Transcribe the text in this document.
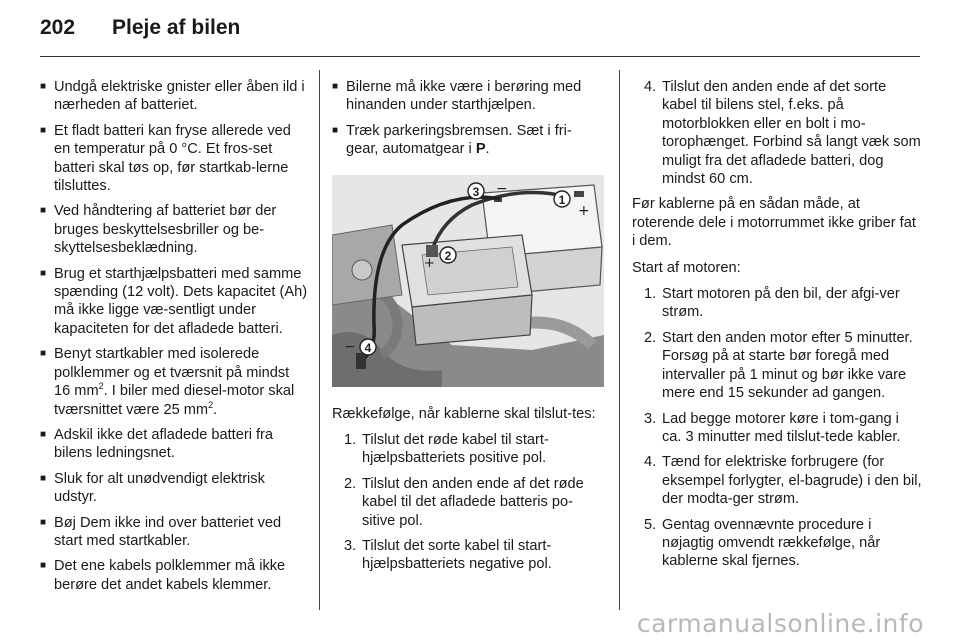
202	Pleje af bilen
■ Undgå elektriske gnister eller åben ild i nærheden af batteriet.
■ Et fladt batteri kan fryse allerede ved en temperatur på 0 °C. Et fros-set batteri skal tøs op, før startkab-lerne tilsluttes.
■ Ved håndtering af batteriet bør der bruges beskyttelsesbriller og be-skyttelsesbeklædning.
■ Brug et starthjælpsbatteri med samme spænding (12 volt). Dets kapacitet (Ah) må ikke ligge væ-sentligt under kapaciteten for det afladede batteri.
■ Benyt startkabler med isolerede polklemmer og et tværsnit på mindst 16 $mm^2$. I biler med diesel-motor skal tværsnittet være 25 $mm^2$.
■ Adskil ikke det afladede batteri fra bilens ledningsnet.
■ Sluk for alt unødvendigt elektrisk udstyr.
■ Bøj Dem ikke ind over batteriet ved start med startkabler.
■ Det ene kabels polklemmer må ikke berøre det andet kabels klemmer.
■ Bilerne må ikke være i berøring med hinanden under starthjælpen.
■ Træk parkeringsbremsen. Sæt i fri-gear, automatgear i P.
+
−
+
−
1
2
3
4

Rækkefølge, når kablerne skal tilslut-tes:

1. Tilslut det røde kabel til start-hjælpsbatteriets positive pol.
2. Tilslut den anden ende af det røde kabel til det afladede batteris po-sitive pol.
3. Tilslut det sorte kabel til start-hjælpsbatteriets negative pol.
4. Tilslut den anden ende af det sorte kabel til bilens stel, f.eks. på motorblokken eller en bolt i mo-torophænget. Forbind så langt væk som muligt fra det afladede batteri, dog mindst 60 cm.

Før kablerne på en sådan måde, at roterende dele i motorrummet ikke griber fat i dem.

Start af motoren:

1. Start motoren på den bil, der afgi-ver strøm.
2. Start den anden motor efter 5 minutter. Forsøg på at starte bør foregå med intervaller på 1 minut og bør ikke vare mere end 15 sekunder ad gangen.
3. Lad begge motorer køre i tom-gang i ca. 3 minutter med tilslut-tede kabler.
4. Tænd for elektriske forbrugere (for eksempel forlygter, el-bagrude) i den bil, der modta-ger strøm.
5. Gentag ovennævnte procedure i nøjagtig omvendt rækkefølge, når kablerne skal fjernes.
carmanualsonline.info
